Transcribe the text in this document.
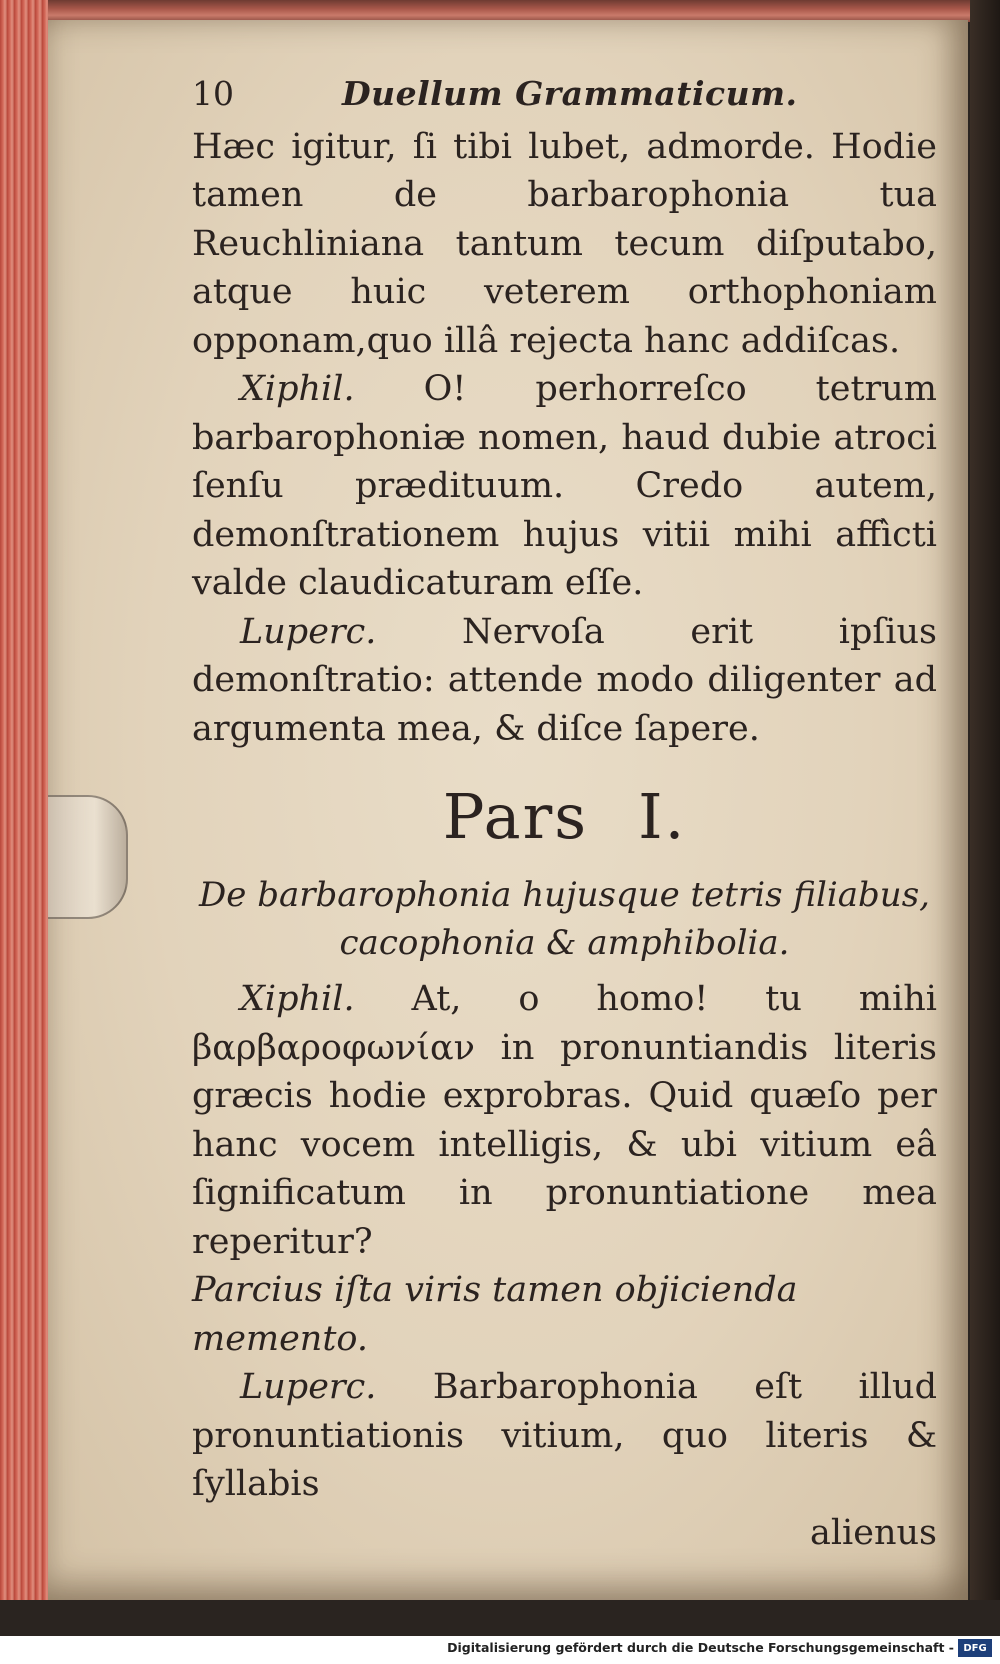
10	Duellum Grammaticum.

Hæc igitur, ſi tibi lubet, admorde. Hodie tamen de barbarophonia tua Reuchliniana tantum tecum diſputabo, atque huic veterem orthophoniam opponam,quo illâ rejecta hanc addiſcas.

Xiphil. O! perhorreſco tetrum barbarophoniæ nomen, haud dubie atroci ſenſu prædituum. Credo autem, demonſtrationem hujus vitii mihi affìcti valde claudicaturam eſſe.

Luperc. Nervoſa erit ipſius demonſtratio: attende modo diligenter ad argumenta mea, & diſce ſapere.

Pars I.
De barbarophonia hujusque tetris filiabus,
cacophonia & amphibolia.

Xiphil. At, o homo! tu mihi βαρβαροφωνίαν in pronuntiandis literis græcis hodie exprobras. Quid quæſo per hanc vocem intelligis, & ubi vitium eâ ſignificatum in pronuntiatione mea reperitur?

Parcius iſta viris tamen objicienda memento.

Luperc. Barbarophonia eſt illud pronuntiationis vitium, quo literis & ſyllabis

alienus

Digitalisierung gefördert durch die Deutsche Forschungsgemeinschaft - DFG
